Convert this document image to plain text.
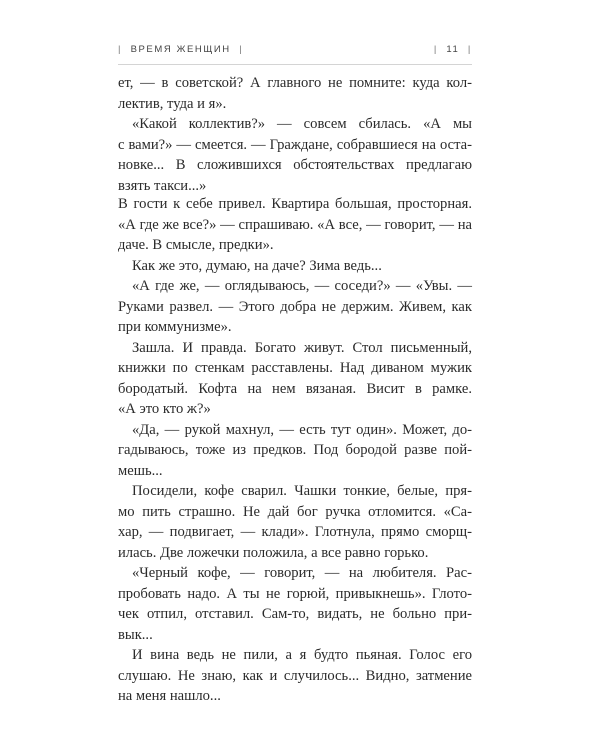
| ВРЕМЯ ЖЕНЩИН |	| 11 |
ет, — в советской? А главного не помните: куда кол-
лектив, туда и я».
«Какой коллектив?» — совсем сбилась. «А мы
с вами?» — смеется. — Граждане, собравшиеся на оста-
новке... В сложившихся обстоятельствах предлагаю
взять такси...»
В гости к себе привел. Квартира большая, просторная.
«А где же все?» — спрашиваю. «А все, — говорит, — на
даче. В смысле, предки».
Как же это, думаю, на даче? Зима ведь...
«А где же, — оглядываюсь, — соседи?» — «Увы. —
Руками развел. — Этого добра не держим. Живем, как
при коммунизме».
Зашла. И правда. Богато живут. Стол письменный,
книжки по стенкам расставлены. Над диваном мужик
бородатый. Кофта на нем вязаная. Висит в рамке.
«А это кто ж?»
«Да, — рукой махнул, — есть тут один». Может, до-
гадываюсь, тоже из предков. Под бородой разве пой-
мешь...
Посидели, кофе сварил. Чашки тонкие, белые, пря-
мо пить страшно. Не дай бог ручка отломится. «Са-
хар, — подвигает, — клади». Глотнула, прямо сморщ-
илась. Две ложечки положила, а все равно горько.
«Черный кофе, — говорит, — на любителя. Рас-
пробовать надо. А ты не горюй, привыкнешь». Глото-
чек отпил, отставил. Сам-то, видать, не больно при-
вык...
И вина ведь не пили, а я будто пьяная. Голос его
слушаю. Не знаю, как и случилось... Видно, затмение
на меня нашло...
